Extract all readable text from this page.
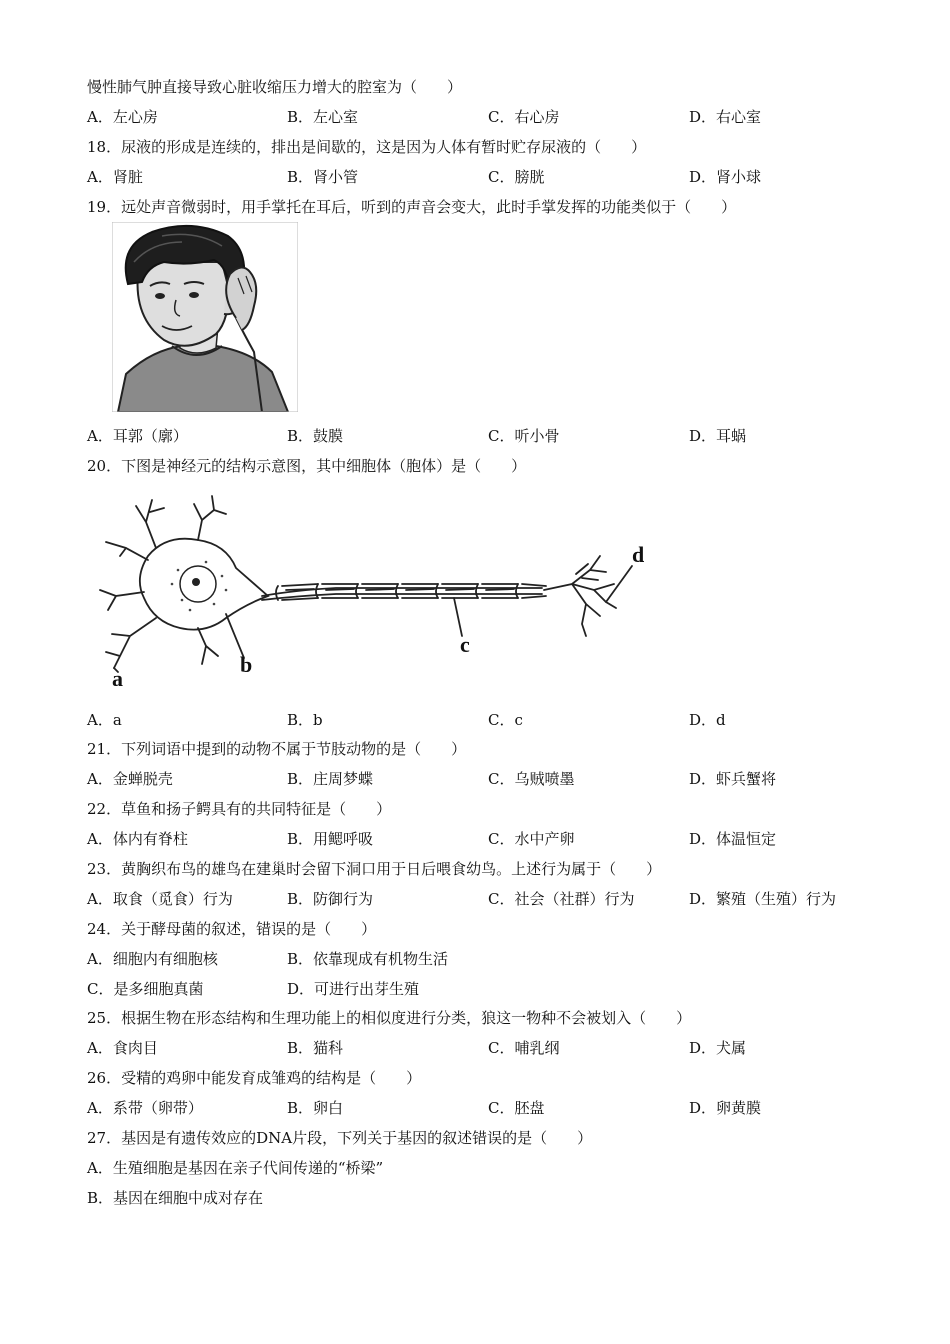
慢性肺气肿直接导致心脏收缩压力增大的腔室为（　　）
A．左心房	B．左心室	C．右心房	D．右心室
18．尿液的形成是连续的，排出是间歇的，这是因为人体有暂时贮存尿液的（　　）
A．肾脏	B．肾小管	C．膀胱	D．肾小球
19．远处声音微弱时，用手掌托在耳后，听到的声音会变大，此时手掌发挥的功能类似于（　　）
A．耳郭（廓）	B．鼓膜	C．听小骨	D．耳蜗
20．下图是神经元的结构示意图，其中细胞体（胞体）是（　　）
a
b
c
d
A．a	B．b	C．c	D．d
21．下列词语中提到的动物不属于节肢动物的是（　　）
A．金蝉脱壳	B．庄周梦蝶	C．乌贼喷墨	D．虾兵蟹将
22．草鱼和扬子鳄具有的共同特征是（　　）
A．体内有脊柱	B．用鳃呼吸	C．水中产卵	D．体温恒定
23．黄胸织布鸟的雄鸟在建巢时会留下洞口用于日后喂食幼鸟。上述行为属于（　　）
A．取食（觅食）行为	B．防御行为	C．社会（社群）行为	D．繁殖（生殖）行为
24．关于酵母菌的叙述，错误的是（　　）
A．细胞内有细胞核	B．依靠现成有机物生活
C．是多细胞真菌	D．可进行出芽生殖
25．根据生物在形态结构和生理功能上的相似度进行分类，狼这一物种不会被划入（　　）
A．食肉目	B．猫科	C．哺乳纲	D．犬属
26．受精的鸡卵中能发育成雏鸡的结构是（　　）
A．系带（卵带）	B．卵白	C．胚盘	D．卵黄膜
27．基因是有遗传效应的DNA片段，下列关于基因的叙述错误的是（　　）
A．生殖细胞是基因在亲子代间传递的“桥梁”
B．基因在细胞中成对存在
